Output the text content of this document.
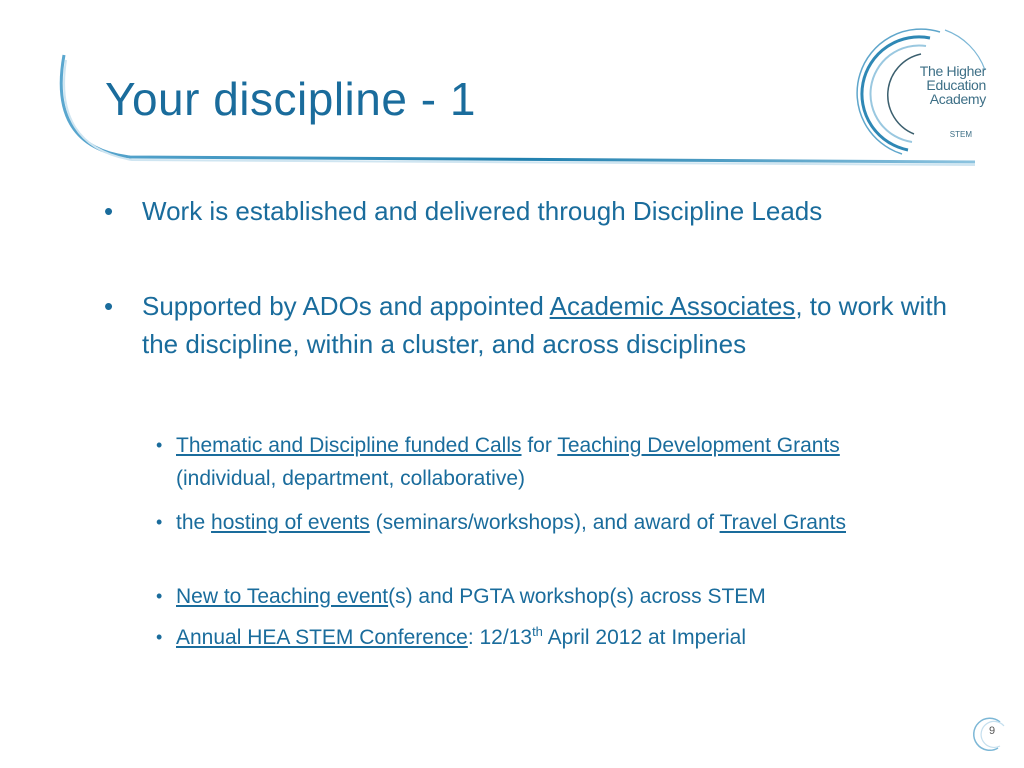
Your discipline - 1
The Higher
Education
Academy
STEM
• Work is established and delivered through Discipline Leads
• Supported by ADOs and appointed Academic Associates, to work with the discipline, within a cluster, and across disciplines
• Thematic and Discipline funded Calls for Teaching Development Grants (individual, department, collaborative)
• the hosting of events (seminars/workshops), and award of Travel Grants
• New to Teaching event(s) and PGTA workshop(s) across STEM
• Annual HEA STEM Conference: 12/13th April 2012 at Imperial
9
